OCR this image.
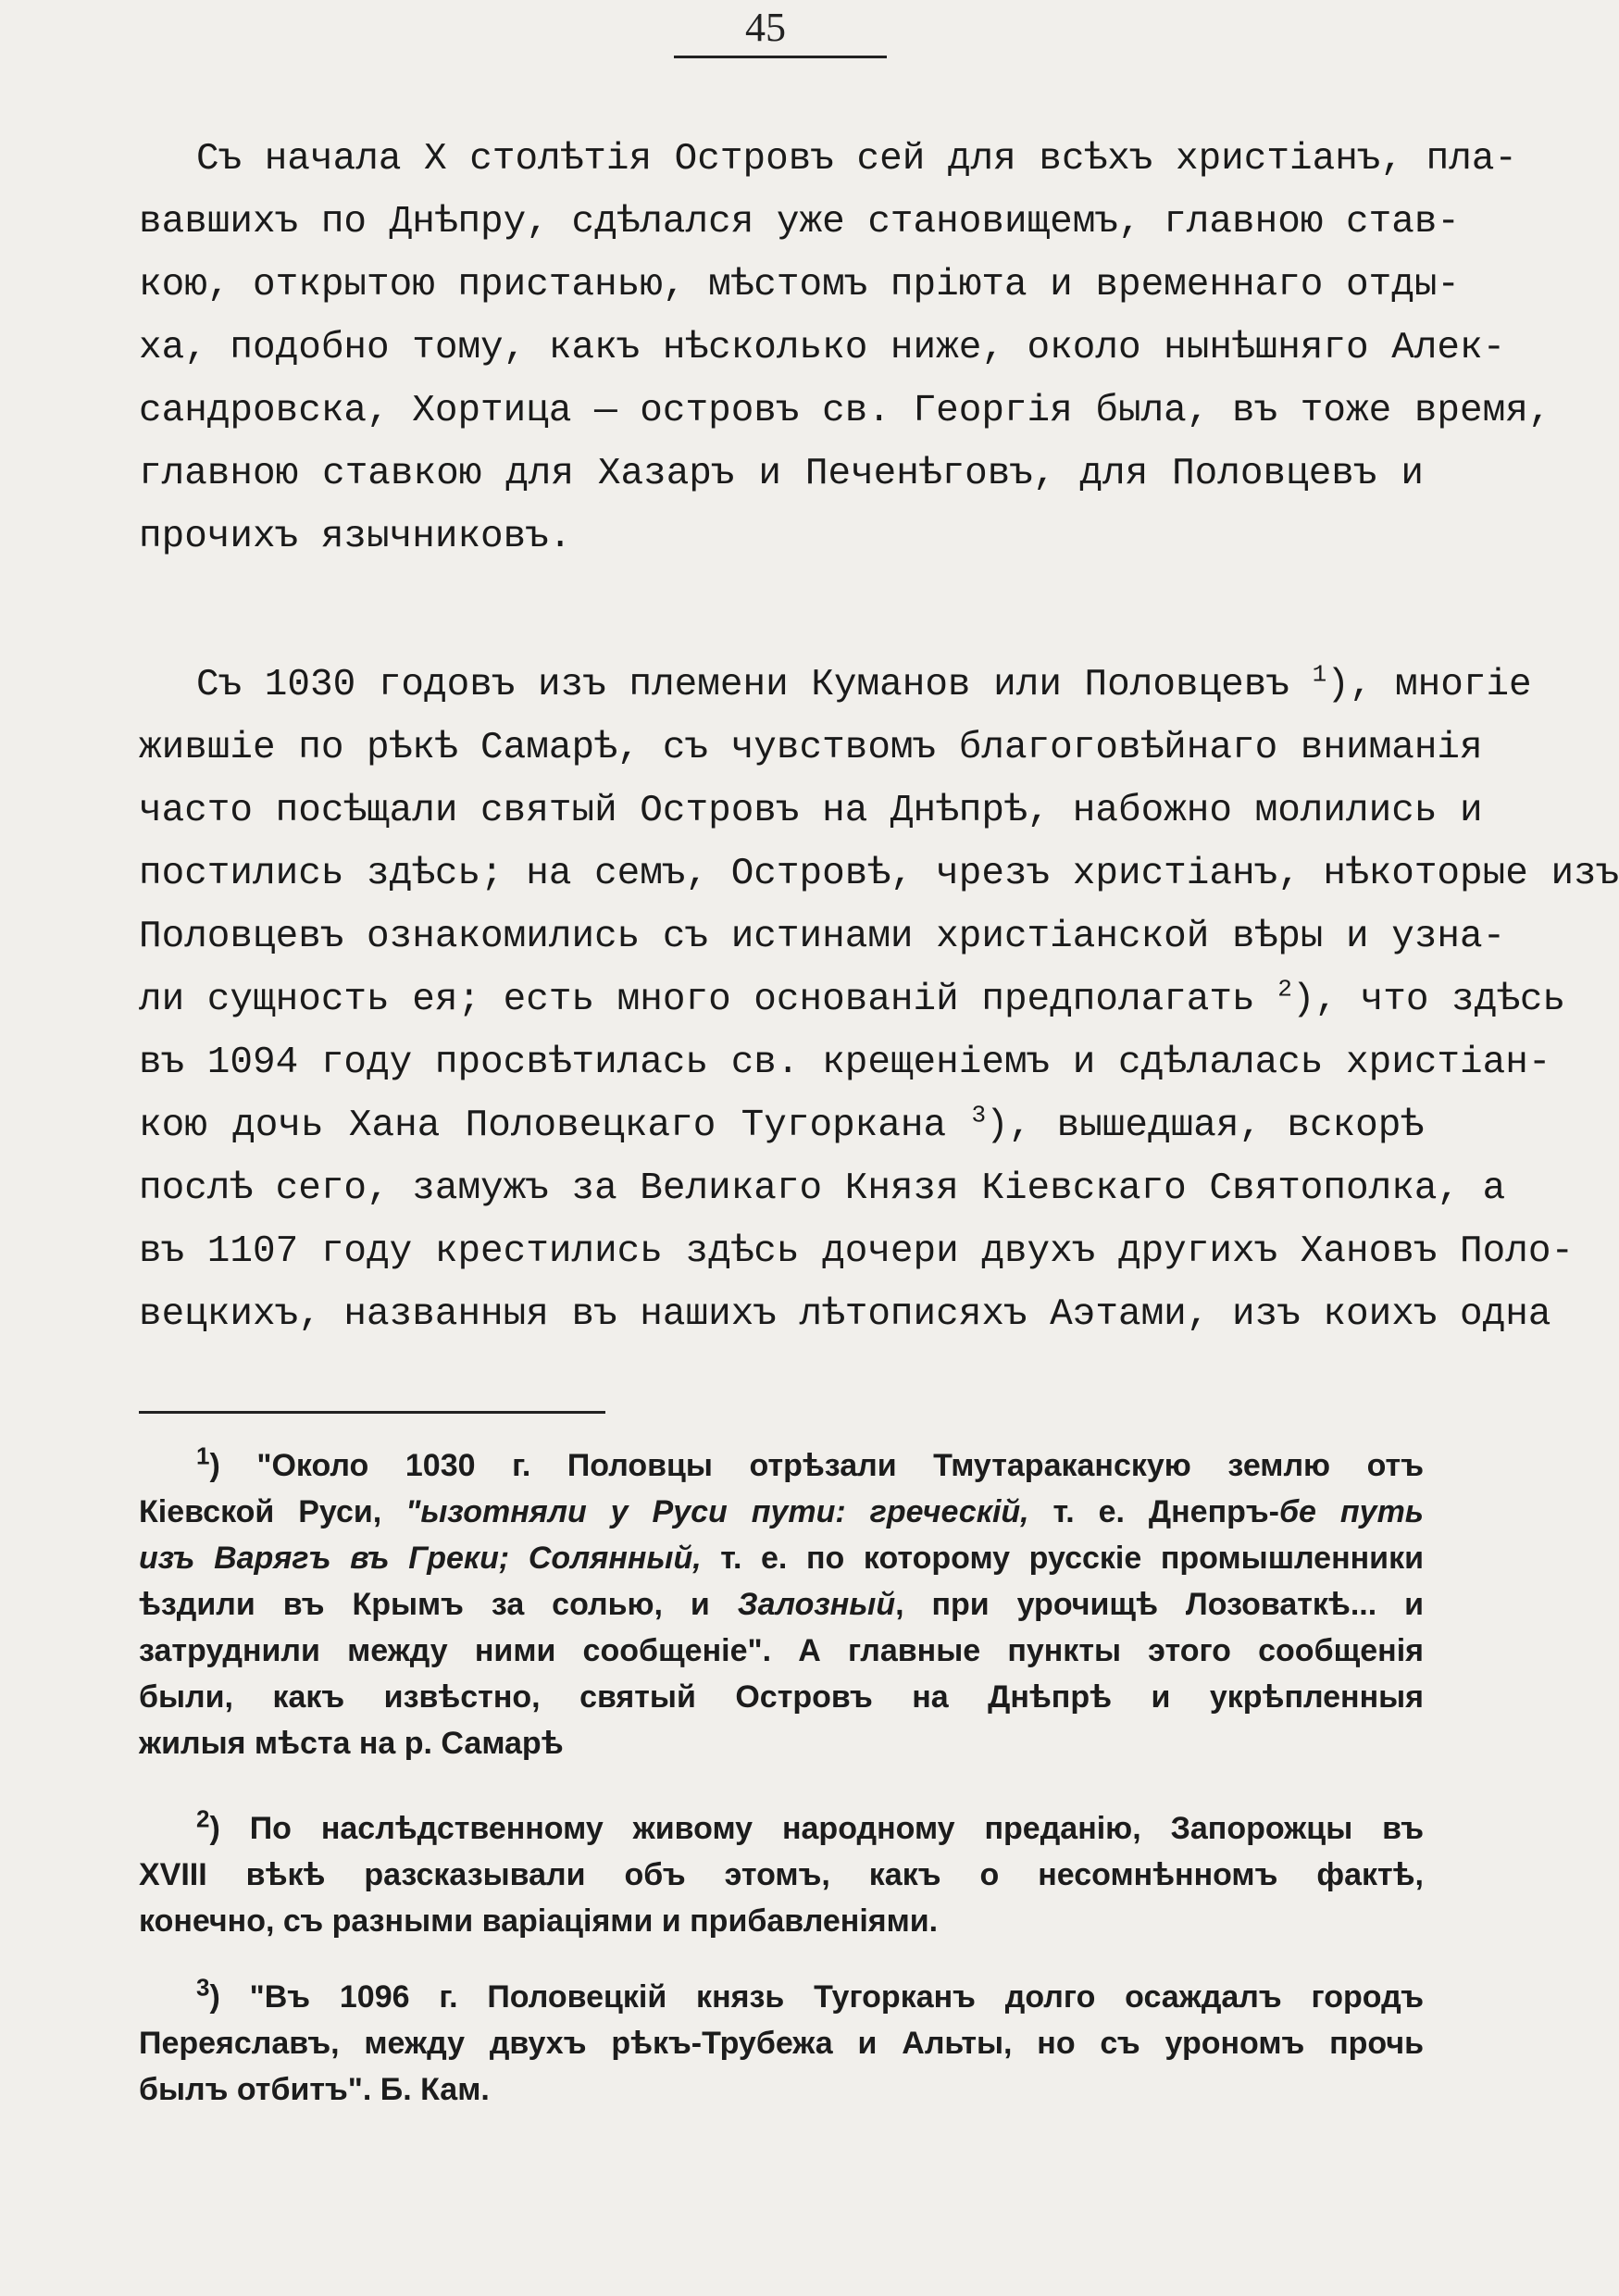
45
Съ начала Х столѣтія Островъ сей для всѣхъ христіанъ, пла-
вавшихъ по Днѣпру, сдѣлался уже становищемъ, главною став-
кою, открытою пристанью, мѣстомъ пріюта и временнаго отды-
ха, подобно тому, какъ нѣсколько ниже, около нынѣшняго Алек-
сандровска, Хортица — островъ св. Георгія была, въ тоже время,
главною ставкою для Хазаръ и Печенѣговъ, для Половцевъ и
прочихъ язычниковъ.
Съ 1030 годовъ изъ племени Куманов или Половцевъ $^1$), многіе
жившіе по рѣкѣ Самарѣ, съ чувствомъ благоговѣйнаго вниманія
часто посѣщали святый Островъ на Днѣпрѣ, набожно молились и
постились здѣсь; на семъ, Островѣ, чрезъ христіанъ, нѣкоторые изъ
Половцевъ ознакомились съ истинами христіанской вѣры и узна-
ли сущность ея; есть много основаній предполагать $^2$), что здѣсь
въ 1094 году просвѣтилась св. крещеніемъ и сдѣлалась христіан-
кою дочь Хана Половецкаго Тугоркана $^3$), вышедшая, вскорѣ
послѣ сего, замужъ за Великаго Князя Кіевскаго Святополка, а
въ 1107 году крестились здѣсь дочери двухъ другихъ Хановъ Поло-
вецкихъ, названныя въ нашихъ лѣтописяхъ Аэтами, изъ коихъ одна
$^1$) "Около 1030 г. Половцы отрѣзали Тмутараканскую землю отъ
Кіевской Руси, "ызотняли у Руси пути: греческій, т. е. Днепръ-бе путь
изъ Варягъ въ Греки; Солянный, т. е. по которому русскіе промышленники
ѣздили въ Крымъ за солью, и Залозный, при урочищѣ Лозоваткѣ... и
затруднили между ними сообщеніе". А главные пункты этого сообщенія
были, какъ извѣстно, святый Островъ на Днѣпрѣ и укрѣпленныя
жилыя мѣста на р. Самарѣ
$^2$) По наслѣдственному живому народному преданію, Запорожцы въ
XVIII вѣкѣ разсказывали объ этомъ, какъ о несомнѣнномъ фактѣ,
конечно, съ разными варіаціями и прибавленіями.
$^3$) "Въ 1096 г. Половецкій князь Тугорканъ долго осаждалъ городъ
Переяславъ, между двухъ рѣкъ-Трубежа и Альты, но съ урономъ прочь
былъ отбитъ". Б. Кам.
